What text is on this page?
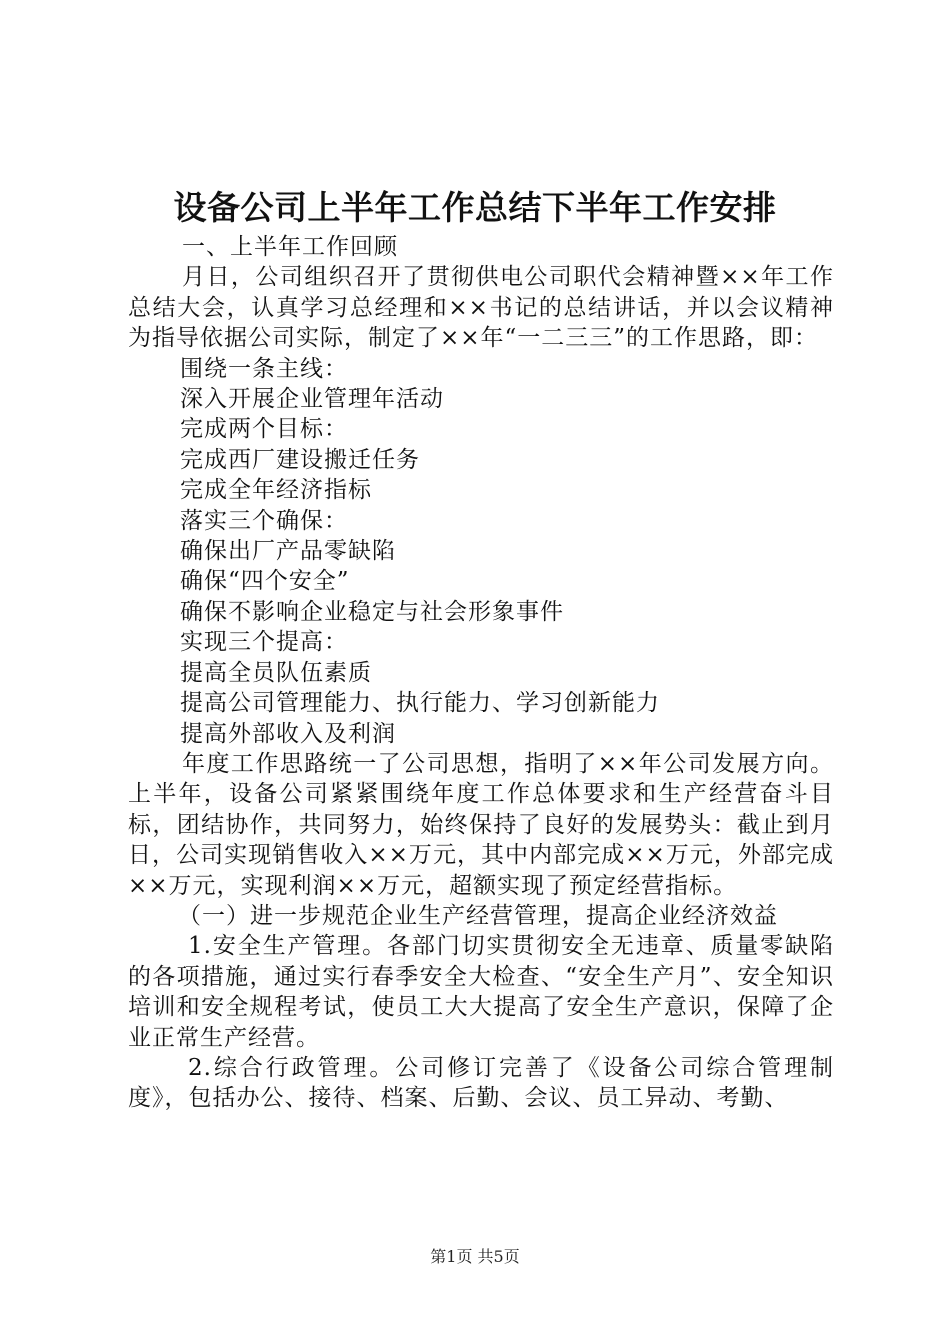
设备公司上半年工作总结下半年工作安排

一、上半年工作回顾

月日，公司组织召开了贯彻供电公司职代会精神暨××年工作总结大会，认真学习总经理和××书记的总结讲话，并以会议精神为指导依据公司实际，制定了××年“一二三三”的工作思路，即：

围绕一条主线：

深入开展企业管理年活动

完成两个目标：

完成西厂建设搬迁任务

完成全年经济指标

落实三个确保：

确保出厂产品零缺陷

确保“四个安全”

确保不影响企业稳定与社会形象事件

实现三个提高：

提高全员队伍素质

提高公司管理能力、执行能力、学习创新能力

提高外部收入及利润

年度工作思路统一了公司思想，指明了××年公司发展方向。上半年，设备公司紧紧围绕年度工作总体要求和生产经营奋斗目标，团结协作，共同努力，始终保持了良好的发展势头：截止到月日，公司实现销售收入××万元，其中内部完成××万元，外部完成××万元，实现利润××万元，超额实现了预定经营指标。

（一）进一步规范企业生产经营管理，提高企业经济效益

1.安全生产管理。各部门切实贯彻安全无违章、质量零缺陷的各项措施，通过实行春季安全大检查、“安全生产月”、安全知识培训和安全规程考试，使员工大大提高了安全生产意识，保障了企业正常生产经营。

2.综合行政管理。公司修订完善了《设备公司综合管理制度》，包括办公、接待、档案、后勤、会议、员工异动、考勤、

第1页 共5页
